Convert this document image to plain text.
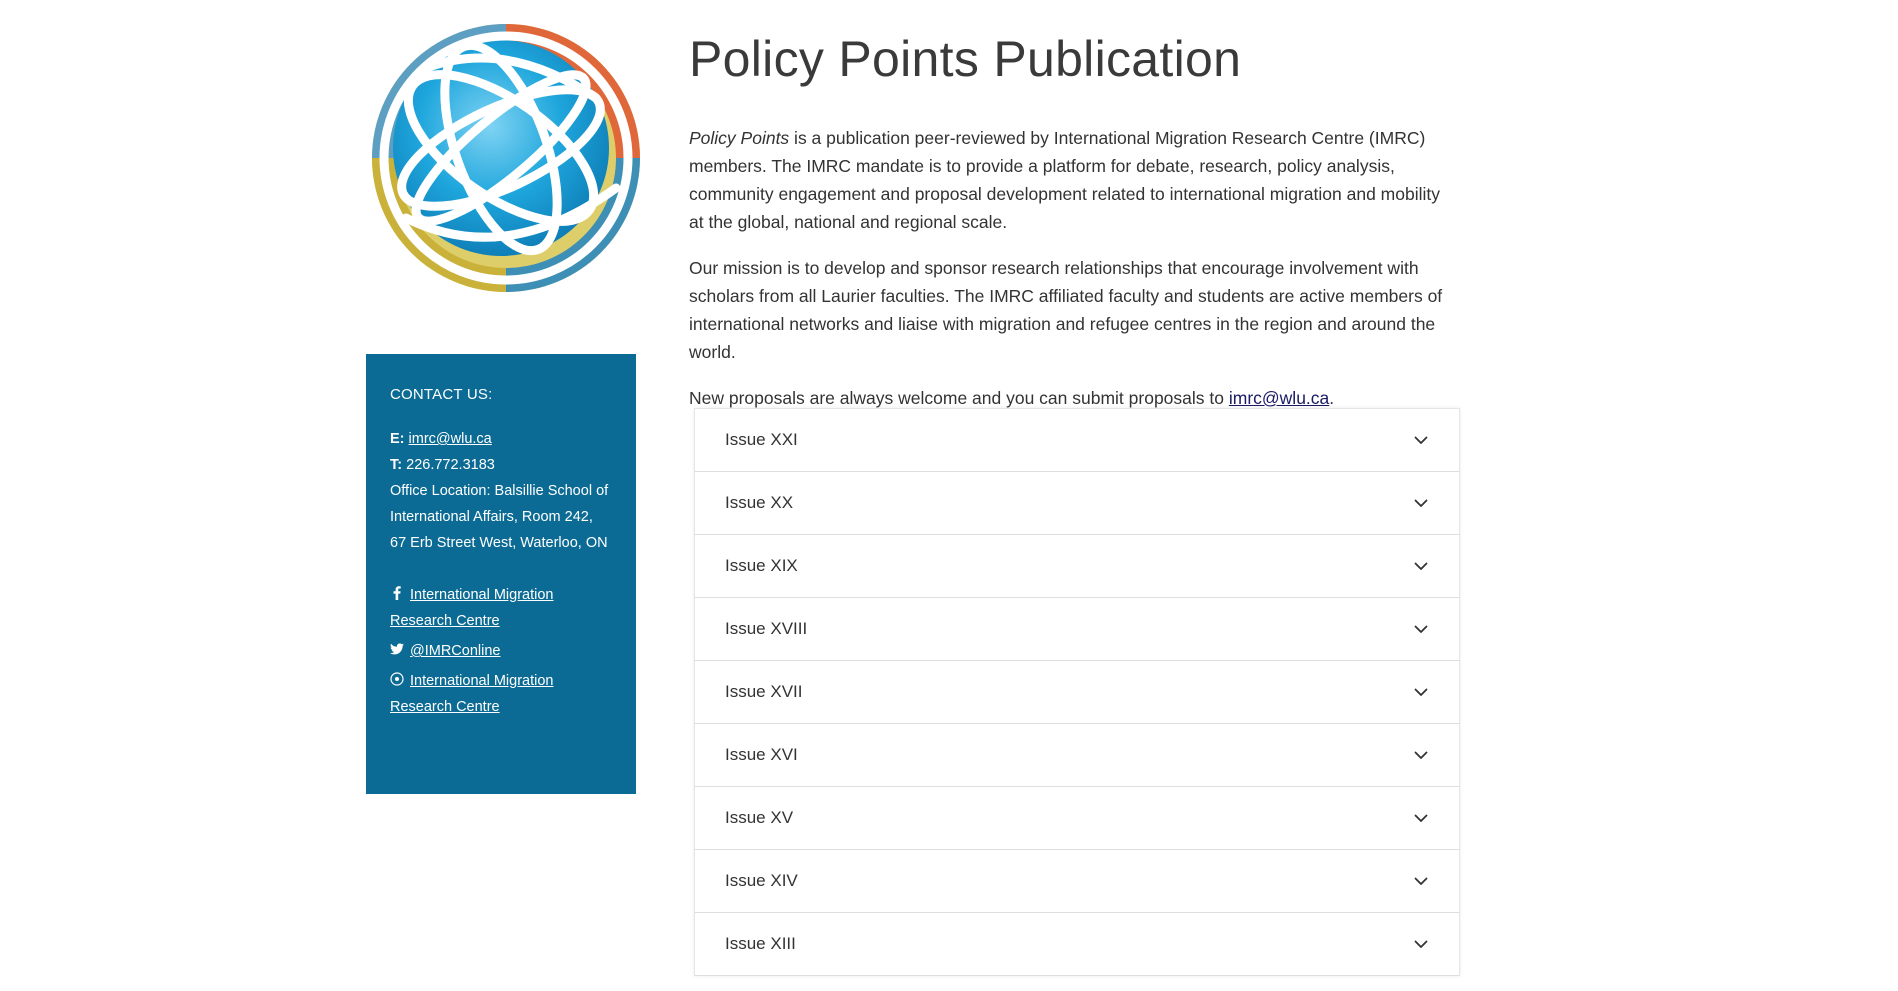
CONTACT US:
E: imrc@wlu.ca
T: 226.772.3183
Office Location: Balsillie School of International Affairs, Room 242, 67 Erb Street West, Waterloo, ON
International Migration Research Centre
@IMRConline
International Migration Research Centre
Policy Points Publication

Policy Points is a publication peer-reviewed by International Migration Research Centre (IMRC) members. The IMRC mandate is to provide a platform for debate, research, policy analysis, community engagement and proposal development related to international migration and mobility at the global, national and regional scale.

Our mission is to develop and sponsor research relationships that encourage involvement with scholars from all Laurier faculties. The IMRC affiliated faculty and students are active members of international networks and liaise with migration and refugee centres in the region and around the world.

New proposals are always welcome and you can submit proposals to imrc@wlu.ca.

Issue XXI
Issue XX
Issue XIX
Issue XVIII
Issue XVII
Issue XVI
Issue XV
Issue XIV
Issue XIII
